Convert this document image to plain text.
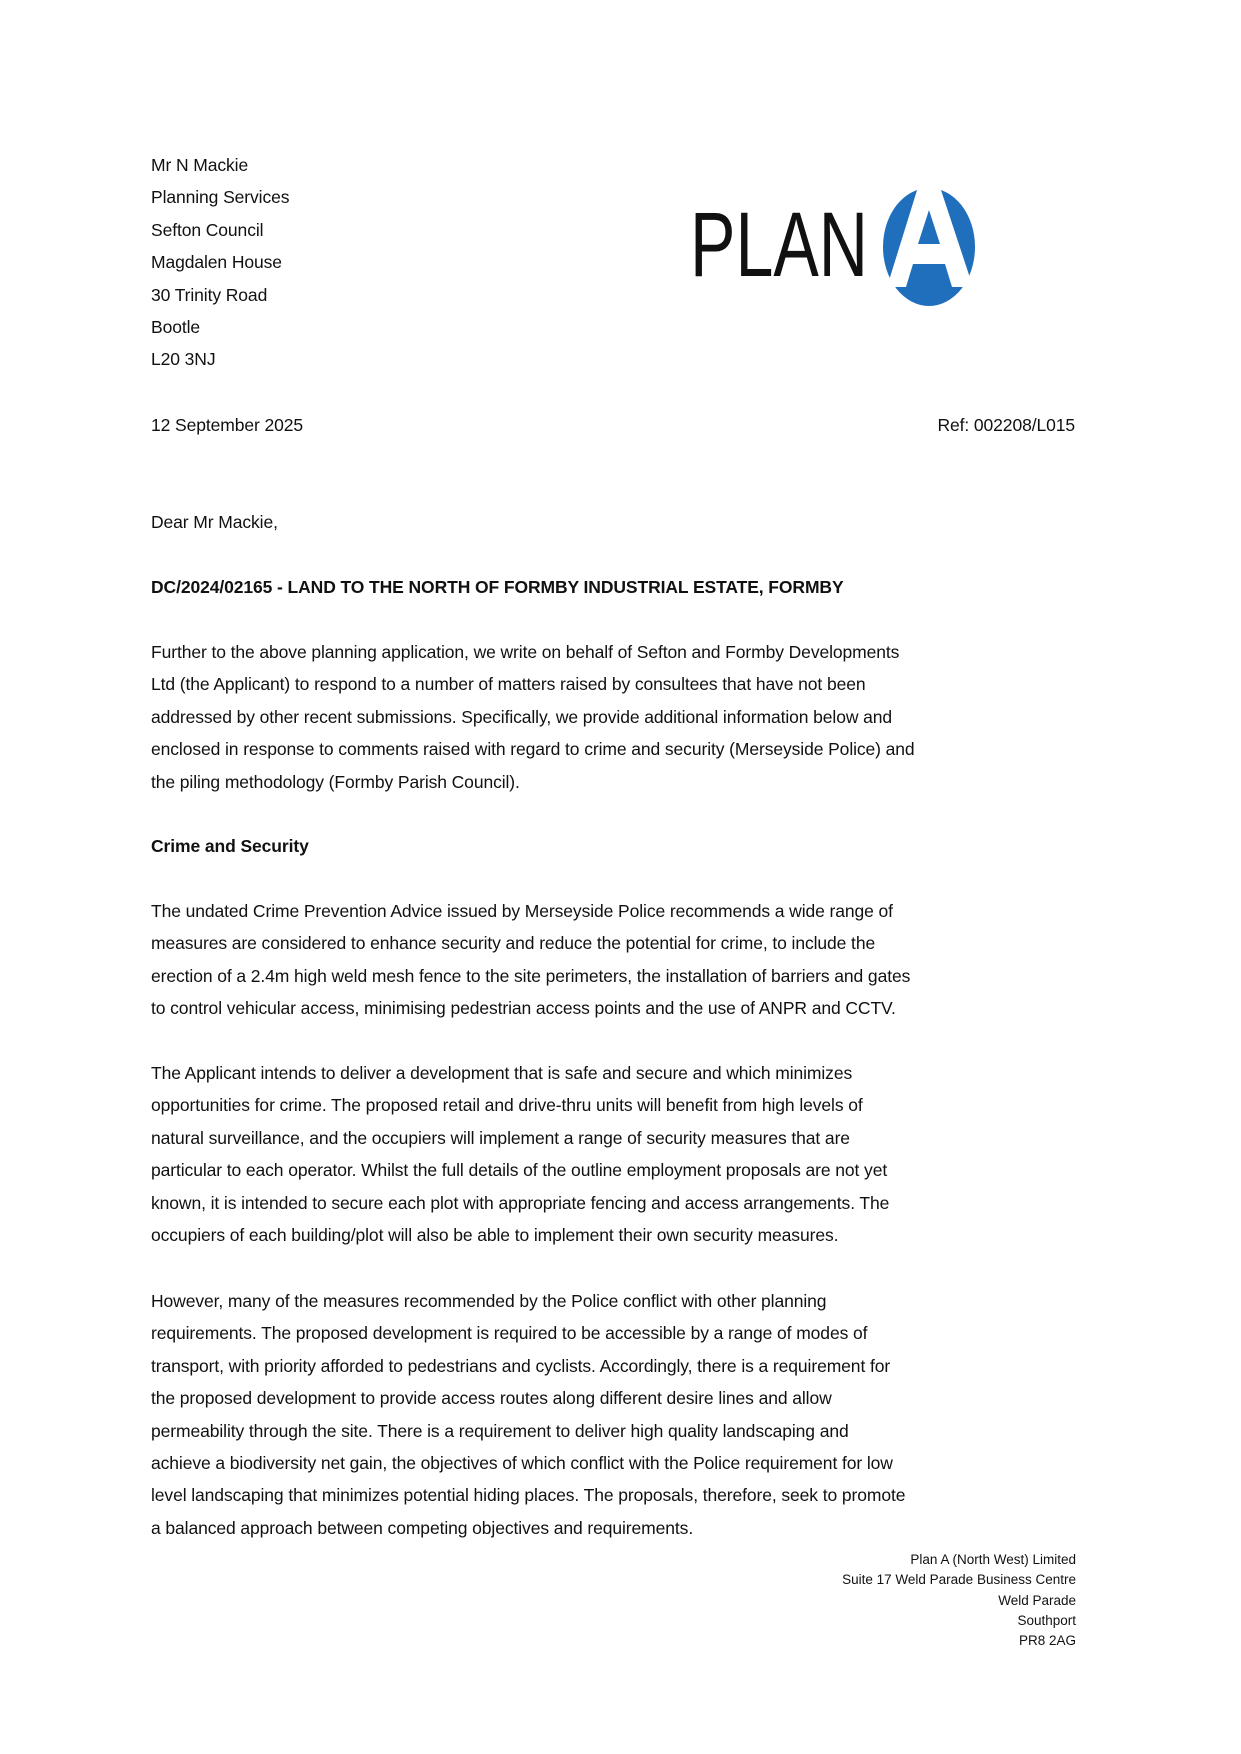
PLAN
Mr N Mackie
Planning Services
Sefton Council
Magdalen House
30 Trinity Road
Bootle
L20 3NJ
12 September 2025	Ref: 002208/L015
Dear Mr Mackie,
DC/2024/02165 - LAND TO THE NORTH OF FORMBY INDUSTRIAL ESTATE, FORMBY
Further to the above planning application, we write on behalf of Sefton and Formby Developments
Ltd (the Applicant) to respond to a number of matters raised by consultees that have not been
addressed by other recent submissions. Specifically, we provide additional information below and
enclosed in response to comments raised with regard to crime and security (Merseyside Police) and
the piling methodology (Formby Parish Council).
Crime and Security
The undated Crime Prevention Advice issued by Merseyside Police recommends a wide range of
measures are considered to enhance security and reduce the potential for crime, to include the
erection of a 2.4m high weld mesh fence to the site perimeters, the installation of barriers and gates
to control vehicular access, minimising pedestrian access points and the use of ANPR and CCTV.
The Applicant intends to deliver a development that is safe and secure and which minimizes
opportunities for crime. The proposed retail and drive-thru units will benefit from high levels of
natural surveillance, and the occupiers will implement a range of security measures that are
particular to each operator. Whilst the full details of the outline employment proposals are not yet
known, it is intended to secure each plot with appropriate fencing and access arrangements. The
occupiers of each building/plot will also be able to implement their own security measures.
However, many of the measures recommended by the Police conflict with other planning
requirements. The proposed development is required to be accessible by a range of modes of
transport, with priority afforded to pedestrians and cyclists. Accordingly, there is a requirement for
the proposed development to provide access routes along different desire lines and allow
permeability through the site. There is a requirement to deliver high quality landscaping and
achieve a biodiversity net gain, the objectives of which conflict with the Police requirement for low
level landscaping that minimizes potential hiding places. The proposals, therefore, seek to promote
a balanced approach between competing objectives and requirements.
Plan A (North West) Limited
Suite 17 Weld Parade Business Centre
Weld Parade
Southport
PR8 2AG
